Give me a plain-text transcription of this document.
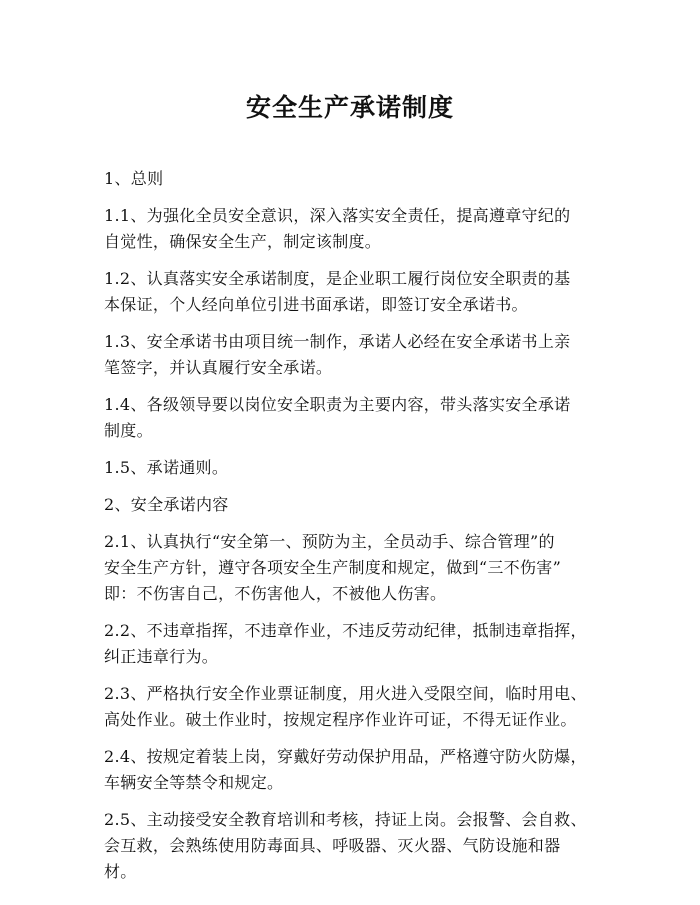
安全生产承诺制度

1、总则

1.1、为强化全员安全意识，深入落实安全责任，提高遵章守纪的
自觉性，确保安全生产，制定该制度。

1.2、认真落实安全承诺制度，是企业职工履行岗位安全职责的基
本保证，个人经向单位引进书面承诺，即签订安全承诺书。

1.3、安全承诺书由项目统一制作，承诺人必经在安全承诺书上亲
笔签字，并认真履行安全承诺。

1.4、各级领导要以岗位安全职责为主要内容，带头落实安全承诺
制度。

1.5、承诺通则。

2、安全承诺内容

2.1、认真执行“安全第一、预防为主，全员动手、综合管理”的
安全生产方针，遵守各项安全生产制度和规定，做到“三不伤害”
即：不伤害自己，不伤害他人，不被他人伤害。

2.2、不违章指挥，不违章作业，不违反劳动纪律，抵制违章指挥，
纠正违章行为。

2.3、严格执行安全作业票证制度，用火进入受限空间，临时用电、
高处作业。破土作业时，按规定程序作业许可证，不得无证作业。

2.4、按规定着装上岗，穿戴好劳动保护用品，严格遵守防火防爆，
车辆安全等禁令和规定。

2.5、主动接受安全教育培训和考核，持证上岗。会报警、会自救、
会互救，会熟练使用防毒面具、呼吸器、灭火器、气防设施和器
材。
